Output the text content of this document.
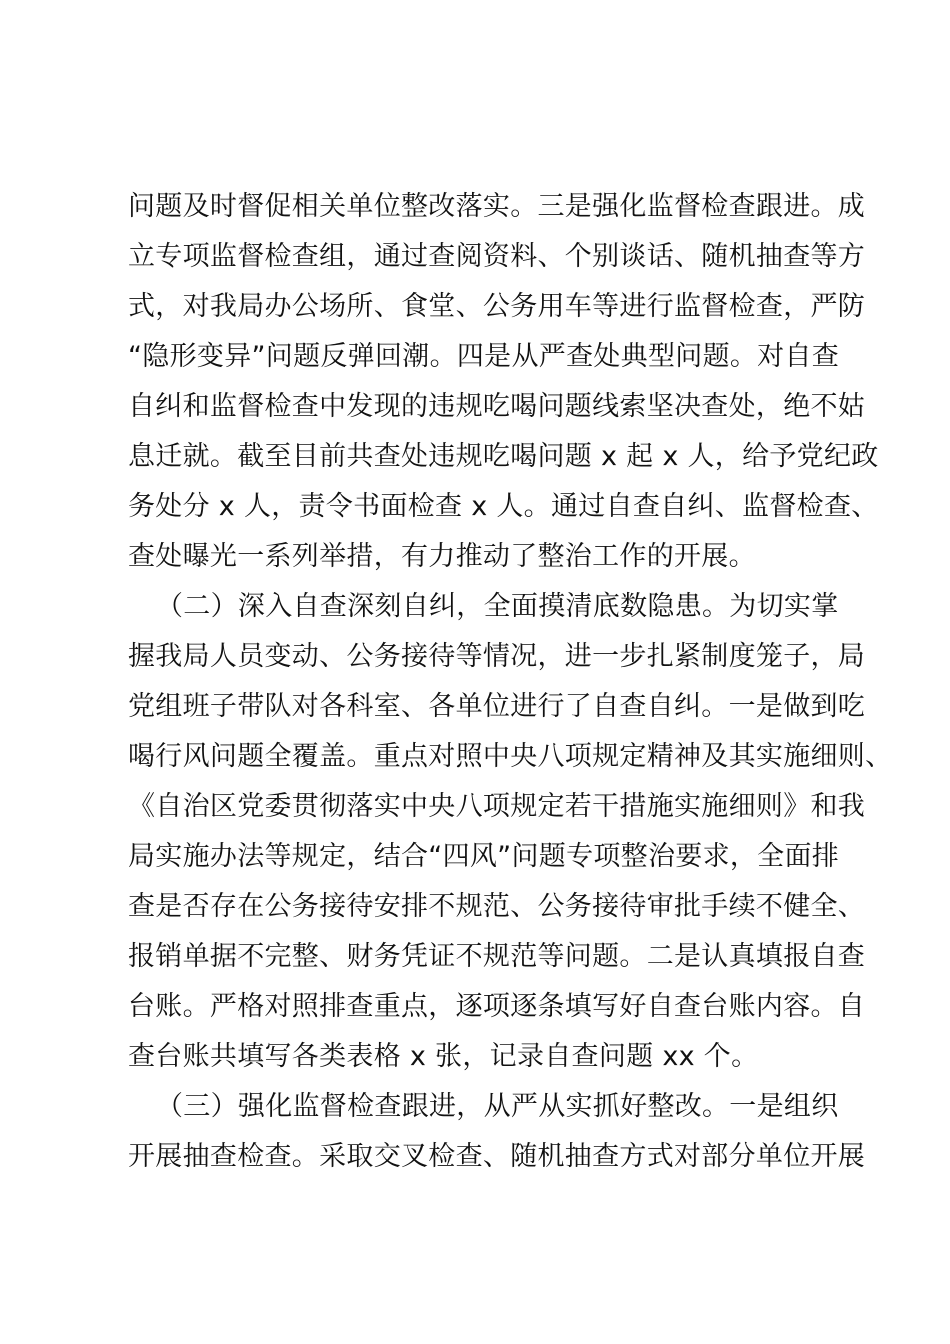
问题及时督促相关单位整改落实。三是强化监督检查跟进。成
立专项监督检查组，通过查阅资料、个别谈话、随机抽查等方
式，对我局办公场所、食堂、公务用车等进行监督检查，严防
“隐形变异”问题反弹回潮。四是从严查处典型问题。对自查
自纠和监督检查中发现的违规吃喝问题线索坚决查处，绝不姑
息迁就。截至目前共查处违规吃喝问题 x 起 x 人，给予党纪政
务处分 x 人，责令书面检查 x 人。通过自查自纠、监督检查、
查处曝光一系列举措，有力推动了整治工作的开展。
（二）深入自查深刻自纠，全面摸清底数隐患。为切实掌
握我局人员变动、公务接待等情况，进一步扎紧制度笼子，局
党组班子带队对各科室、各单位进行了自查自纠。一是做到吃
喝行风问题全覆盖。重点对照中央八项规定精神及其实施细则、
《自治区党委贯彻落实中央八项规定若干措施实施细则》和我
局实施办法等规定，结合“四风”问题专项整治要求，全面排
查是否存在公务接待安排不规范、公务接待审批手续不健全、
报销单据不完整、财务凭证不规范等问题。二是认真填报自查
台账。严格对照排查重点，逐项逐条填写好自查台账内容。自
查台账共填写各类表格 x 张，记录自查问题 xx 个。
（三）强化监督检查跟进，从严从实抓好整改。一是组织
开展抽查检查。采取交叉检查、随机抽查方式对部分单位开展
